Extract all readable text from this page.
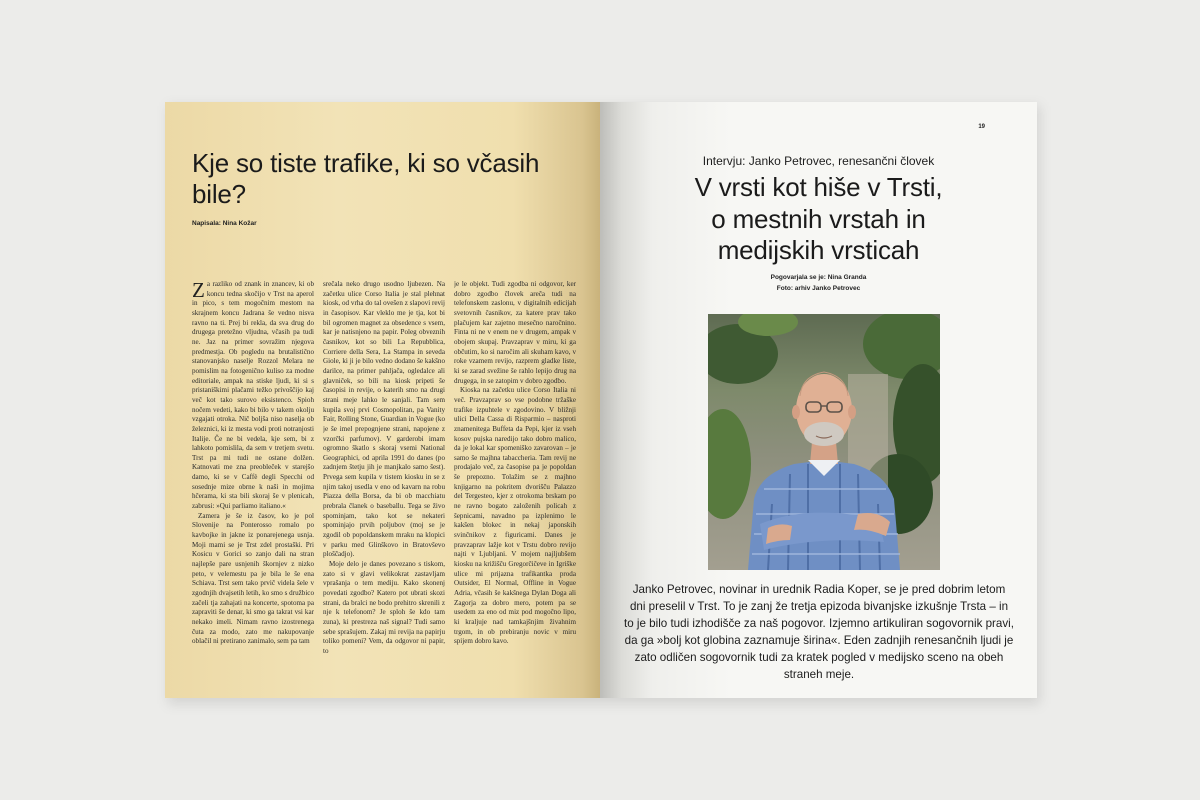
Kje so tiste trafike, ki so včasih bile?
Napisala: Nina Kožar

Za razliko od znank in znancev, ki ob koncu tedna skočijo v Trst na aperol in pico, s tem mogočnim mestom na skrajnem koncu Jadrana še vedno nisva ravno na ti. Prej bi rekla, da sva drug do drugega pretežno vljudna, včasih pa tudi ne. Jaz na primer sovražim njegova predmestja. Ob pogledu na brutalistično stanovanjsko naselje Rozzol Melara ne pomislim na fotogenično kuliso za modne editoriale, ampak na stiske ljudi, ki si s pristaniškimi plačami težko privoščijo kaj več kot tako surovo eksistenco. Spioh nočem vedeti, kako bi bilo v takem okolju vzgajati otroka. Nič boljša niso naselja ob železnici, ki iz mesta vodi proti notranjosti Italije. Če ne bi vedela, kje sem, bi z lahkoto pomislila, da sem v tretjem svetu. Trst pa mi tudi ne ostane dolžen. Katnovati me zna preobleček v starejšo damo, ki se v Caffè degli Specchi od sosednje mize obrne k naši in mojima hčerama, ki sta bili skoraj še v plenicah, zabrusi: »Qui parliamo italiano.«

Zamera je še iz časov, ko je pol Slovenije na Ponterosso romalo po kavbojke in jakne iz ponarejenega usnja. Moji mami se je Trst zdel prostaški. Pri Kosicu v Gorici so zanjo dali na stran najlepše pare usnjenih škornjev z nizko peto, v velemestu pa je bila le še ena Schiava. Trst sem tako prvič videla šele v zgodnjih dvajsetih letih, ko smo s družbico začeli tja zahajati na koncerte, spotoma pa zapraviti še denar, ki smo ga takrat vsi kar nekako imeli. Nimam ravno izostrenega čuta za modo, zato me nakupovanje oblačil ni pretirano zanimalo, sem pa tam

srečala neko drugo usodno ljubezen. Na začetku ulice Corso Italia je stal plehnat kiosk, od vrha do tal ovešen z slapovi revij in časopisov. Kar vleklo me je tja, kot bi bil ogromen magnet za obsedence s vsem, kar je natisnjeno na papir. Poleg obveznih časnikov, kot so bili La Repubblica, Corriere della Sera, La Stampa in seveda Giole, ki ji je bilo vedno dodano še kakšno darilce, na primer pahljača, ogledalce ali glavniček, so bili na kiosk pripeti še časopisi in revije, o katerih smo na drugi strani meje lahko le sanjali. Tam sem kupila svoj prvi Cosmopolitan, pa Vanity Fair, Rolling Stone, Guardian in Vogue (ko je še imel prepognjene strani, napojene z vzorčki parfumov). V garderobi imam ogromno škatlo s skoraj vsemi National Geographici, od aprila 1991 do danes (po zadnjem štetju jih je manjkalo samo šest). Prvega sem kupila v tistem kiosku in se z njim takoj usedla v eno od kavarn na robu Piazza della Borsa, da bi ob macchiatu prebrala članek o baseballu. Tega se živo spominjam, tako kot se nekateri spominjajo prvih poljubov (moj se je zgodil ob popoldanskem mraku na klopici v parku med Glinškovo in Bratovševo ploščadjo).

Moje delo je danes povezano s tiskom, zato si v glavi velikokrat zastavljam vprašanja o tem mediju. Kako skonenj povedati zgodbo? Katero pot ubrati skozi strani, da bralci ne bodo prehitro skrenili z nje k telefonom? Je sploh še kdo tam zuna), ki prestreza naš signal? Tudi samo sebe sprašujem. Zakaj mi revija na papirju toliko pomeni? Vem, da odgovor ni papir, to

je le objekt. Tudi zgodba ni odgovor, ker dobro zgodbo človek areča tudi na telefonskem zaslonu, v digitalnih edicijah svetovnih časnikov, za katere prav tako plačujem kar zajetno mesečno naročnino. Finta ni ne v enem ne v drugem, ampak v obojem skupaj. Pravzaprav v miru, ki ga občutim, ko si naročim ali skuham kavo, v roke vzamem revijo, razprem gladke liste, ki se zarad svežine še rahlo lepijo drug na drugega, in se zatopim v dobro zgodbo.

Kioska na začetku ulice Corso Italia ni več. Pravzaprav so vse podobne tržaške trafike izpuhtele v zgodovino. V bližnji ulici Della Cassa di Risparmio – nasproti znamenitega Buffeta da Pepi, kjer iz vseh kosov pujska naredijo tako dobro malico, da je lokal kar spomeniško zavarovan – je samo še majhna tabaccheria. Tam revij ne prodajalo več, za časopise pa je popoldan še prepozno. Tolažim se z majhno knjigarno na pokritem dvorišču Palazzo del Tergesteo, kjer z otrokoma brskam po ne ravno bogato založenih policah z šepnicami, navadno pa izplenimo le kakšen blokec in nekaj japonskih svinčnikov z figuricami. Danes je pravzaprav lažje kot v Trstu dobro revijo najti v Ljubljani. V mojem najljubšem kiosku na križišču Gregorčičeve in Igriške ulice mi prijazna trafikantka proda Outsider, El Normal, Offline in Vogue Adria, včasih še kakšnega Dylan Doga ali Zagorja za dobro mero, potem pa se usedem za eno od miz pod mogočno lipo, ki kraljuje nad tamkajšnjim živahnim trgom, in ob prebiranju novic v miru spijem dobro kavo.

19
Intervju: Janko Petrovec, renesančni človek
V vrsti kot hiše v Trsti,
o mestnih vrstah in
medijskih vrsticah
Pogovarjala se je: Nina Granda
Foto: arhiv Janko Petrovec

Janko Petrovec, novinar in urednik Radia Koper, se je pred dobrim letom dni preselil v Trst. To je zanj že tretja epizoda bivanjske izkušnje Trsta – in to je bilo tudi izhodišče za naš pogovor. Izjemno artikuliran sogovornik pravi, da ga »bolj kot globina zaznamuje širina«. Eden zadnjih renesančnih ljudi je zato odličen sogovornik tudi za kratek pogled v medijsko sceno na obeh straneh meje.
